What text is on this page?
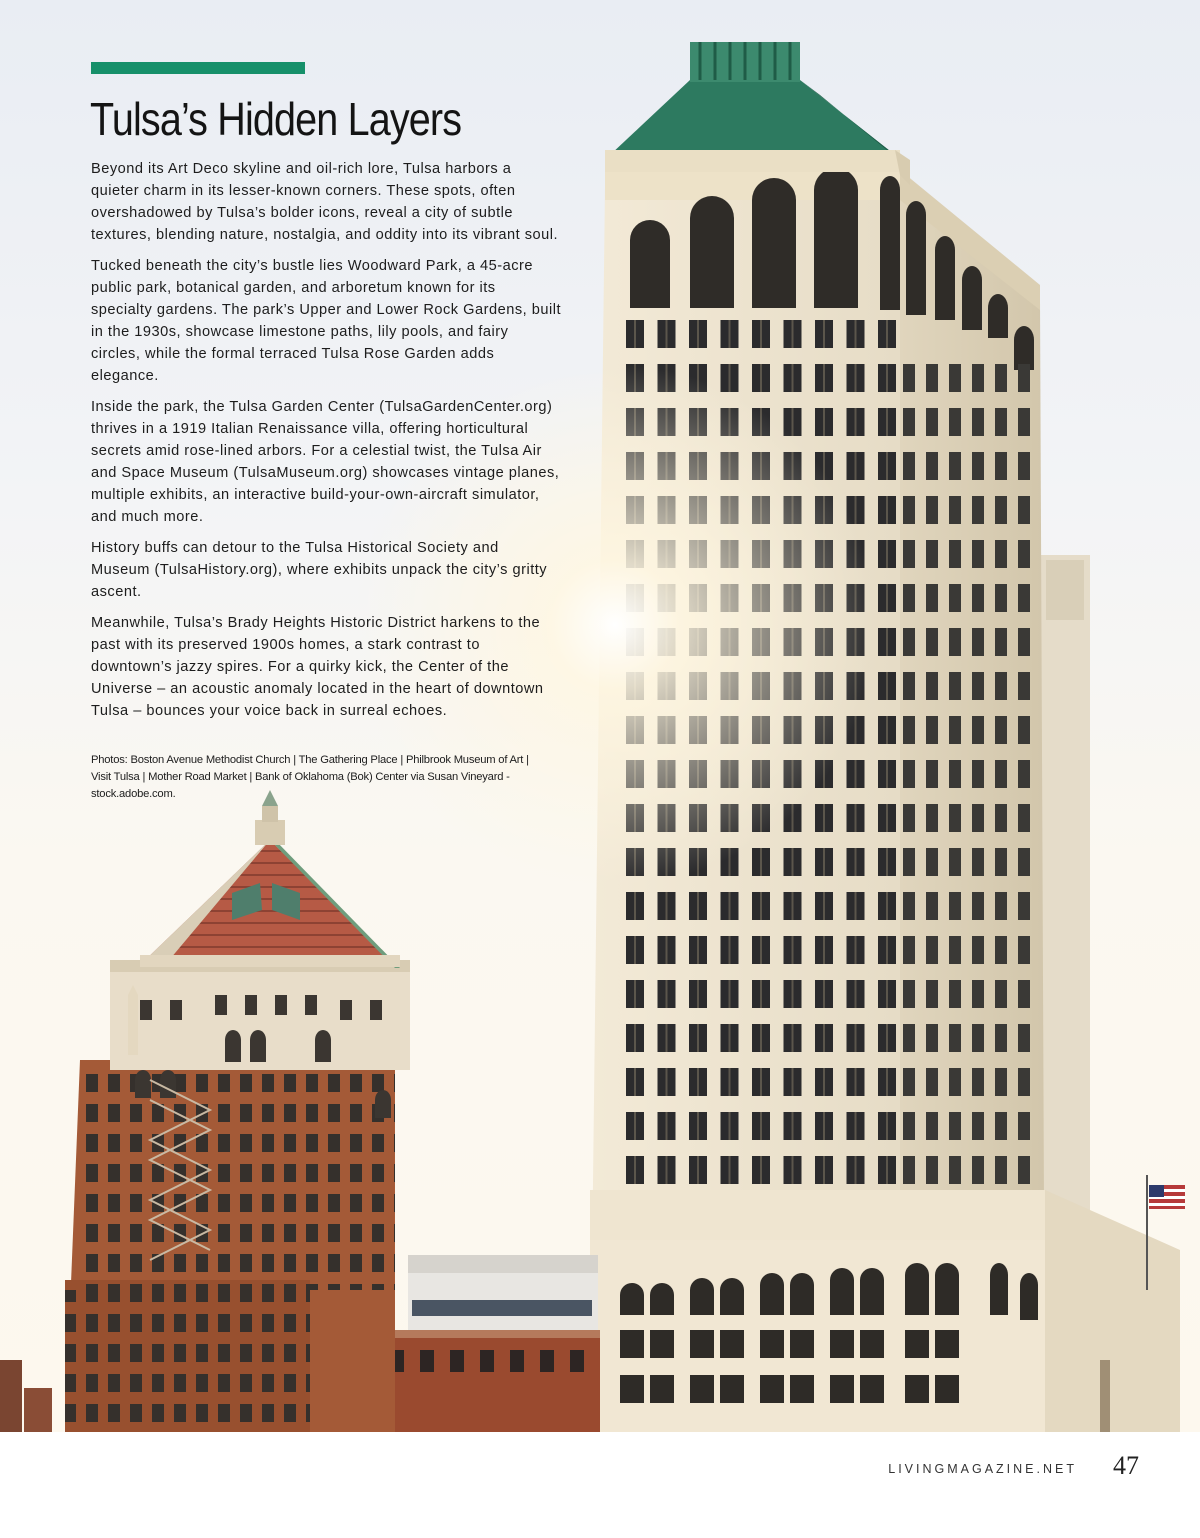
Tulsa’s Hidden Layers

Beyond its Art Deco skyline and oil-rich lore, Tulsa harbors a quieter charm in its lesser-known corners. These spots, often overshadowed by Tulsa’s bolder icons, reveal a city of subtle textures, blending nature, nostalgia, and oddity into its vibrant soul.

Tucked beneath the city’s bustle lies Woodward Park, a 45-acre public park, botanical garden, and arboretum known for its specialty gardens. The park’s Upper and Lower Rock Gardens, built in the 1930s, showcase limestone paths, lily pools, and fairy circles, while the formal terraced Tulsa Rose Garden adds elegance.

Inside the park, the Tulsa Garden Center (TulsaGardenCenter.org) thrives in a 1919 Italian Renaissance villa, offering horticultural secrets amid rose-lined arbors. For a celestial twist, the Tulsa Air and Space Museum (TulsaMuseum.org) showcases vintage planes, multiple exhibits, an interactive build-your-own-aircraft simulator, and much more.

History buffs can detour to the Tulsa Historical Society and Museum (TulsaHistory.org), where exhibits unpack the city’s gritty ascent.

Meanwhile, Tulsa’s Brady Heights Historic District harkens to the past with its preserved 1900s homes, a stark contrast to downtown’s jazzy spires. For a quirky kick, the Center of the Universe – an acoustic anomaly located in the heart of downtown Tulsa – bounces your voice back in surreal echoes.

Photos: Boston Avenue Methodist Church | The Gathering Place | Philbrook Museum of Art | Visit Tulsa | Mother Road Market | Bank of Oklahoma (Bok) Center via Susan Vineyard - stock.adobe.com.

LIVINGMAGAZINE.NET 47
